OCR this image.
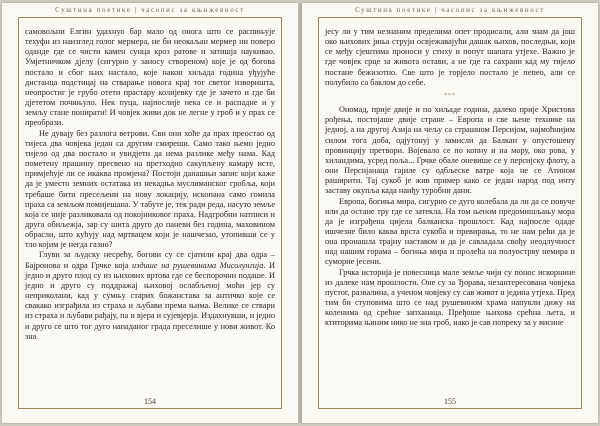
Суштина поетике | часопис за књижевност

самовољни Елгин удахнуо бар мало од онога што се распињује техуфн из наизглед голог мермера, не би неокаљан мермер ни поверо оданде где се чисти камен сунца кроз ратове и затишја наукивао. Умјетничком дјелу (сигурно у заносу створеном) које је од богова постало и сбог њих настало, које након хиљада година уђујуће дистанца подстицај на стварање новога краj тог светог изворишта, неопростиг је грубо отети прастару колијевку где је зачето и где би дјететом почињуло. Нек пуца, најпослије нека се и распадне и у земљу стане понирати! И човјек живи док не легне у гроб и у прах се преобрази.

Не дувају без разлога ветрови. Сви они хоће да прах преостао од тијеса два човјека један са другим смиреши. Само тако њемо једно тијело од два постало и увидјети да нема разлике међу нама. Кад пометену прашину пресвено на претходно сакупљену камару исте, примјећује ли се икаква промјена? Постоји данашњи запис који каже да је уместо земних остатака из некадња муслиманског гробља, који требаше бити пресељени на нову локацију, ископана само гомила праха са земљом помијешана. У табуте је, тек ради реда, насуто земље која се није разликовала од покојниковог праха. Надгробни натписи и друга обиљежја, зар су шита друго до паневи без година, маховином обрасли, што кућују над мртвацем који је нашчезао, утопивши се у тло којим је негда газио?

Глуви за људску несрећу, богови су се сјатили крај два одра – Бајронова и одра Грчке која издише на рушевинама Мисолунгија. И једно и друго плод су из њихових вртова где се беспорочни подаше. И једно и друго су поддражај њиховој ослабљеној моћи јер су неприколани, кад у сумњу старих божанстава за античко које се свакако изграђила из страха и љубави према њима. Велике се ствари из страха и љубави рађају, па и вјера и сујевјерја. Издахнувши, и једно и друго се што тог дуго нападаног града преселише у нови живот. Ко зна

154
Суштина поетике | часопис за књижевност

јесу ли у тим незнаним пределима опет продисали, али знам да још око њихових јиња струји освјежавајући дашак њихов, последњи, који се међу сјештима проноси у стиху и попут шапата утјехе. Важно је где човјек срце за живота остави, а не где га сахрани кад му тијело постане бежизотно. Све што је горјело постало је пепео, али се полубило са баклом до себе.

***

Ономад, прије двије и по хиљаде година, далеко прије Христова рођења, постојаше двије стране – Европа и све њене технике на једној, а на другој Азија на чељу са страшном Персијом, најмоћнијим силом тога доба, одјутонуј у замисли да Балкан у опустошену провинцију претвори. Војевало се по копну и на мору, око рова, у хиландима, усред поља... Грчке обале оневише се у персијску флоту, а они Персијанаца гајиле су одбљеске ватре која не се Атином раширити. Тај сукоб је жив пример како се један народ под ичту заставу окупља када наиђу туробни дани.

Европа, богиња мира, сигурно се дуго колебала да ли да се повуче или да остане тру где се затекла. На том њеном предомишљању мора да је изграђена цијела балканска прошлост. Кад најпосле одаде ишчезне било каква врста сукоба и превирања, то не нам рећи да је она пронашла трајну наставом и да је савладала свођу неодлучност над нашим горама – богиња мира и пролећа на полуострву немира и суморне јесени.

Грчка историја је повесница мале земље чији су понос искорнине из далеке нам прошлости. Оне су за Ђорава, незантересована човјека пустог, развалина, а ученом човјеку су сав живот и једина утјеха. Пред тим би ступовима што се над рушевином храма напукли дижу на коленима од срећне запханаца. Пређоше њихова срећна љета, и ктиторима њиним нико не зна гроб, иако је сав попреку за у висине

155
